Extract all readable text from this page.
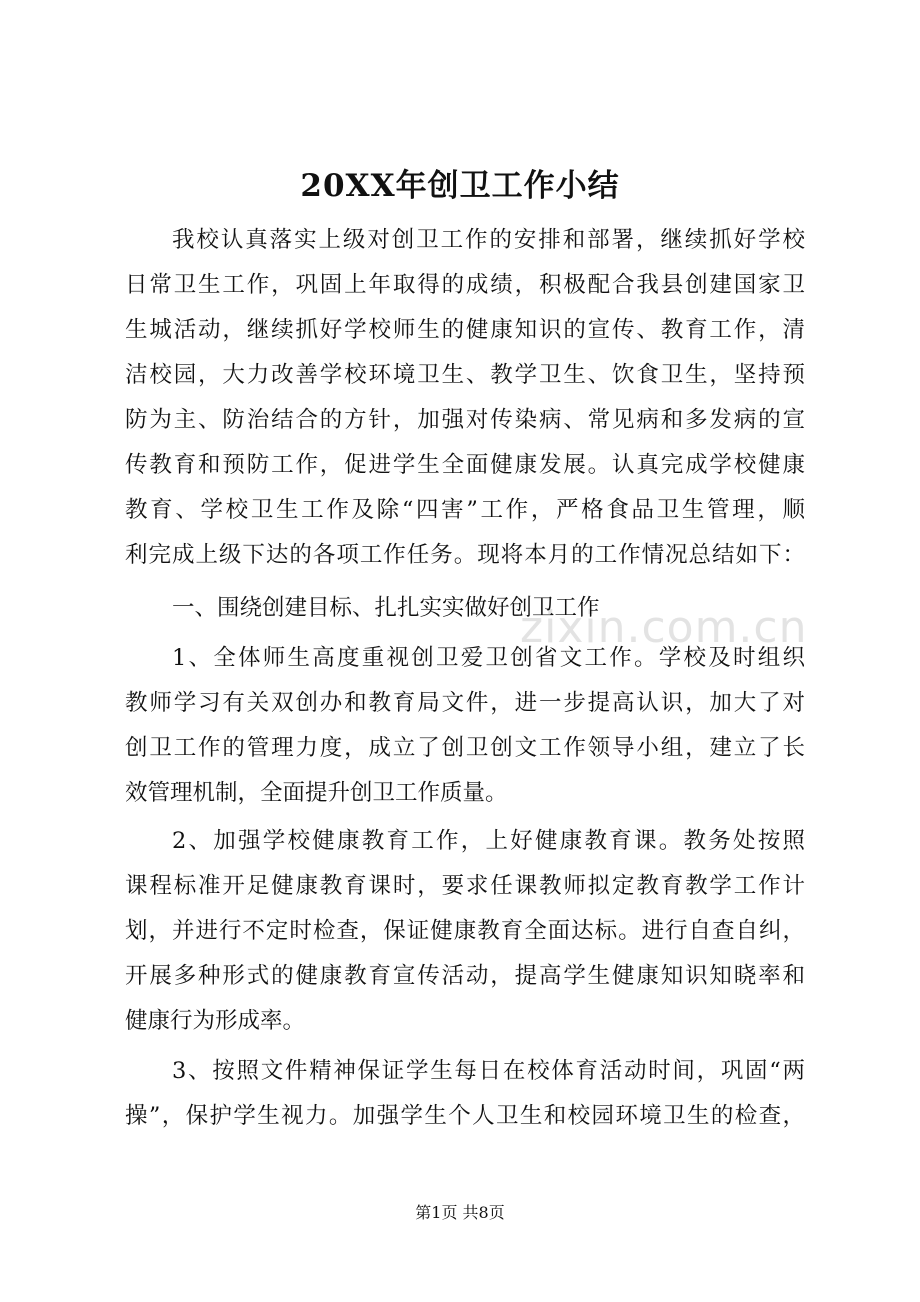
20XX年创卫工作小结
我校认真落实上级对创卫工作的安排和部署，继续抓好学校
日常卫生工作，巩固上年取得的成绩，积极配合我县创建国家卫
生城活动，继续抓好学校师生的健康知识的宣传、教育工作，清
洁校园，大力改善学校环境卫生、教学卫生、饮食卫生，坚持预
防为主、防治结合的方针，加强对传染病、常见病和多发病的宣
传教育和预防工作，促进学生全面健康发展。认真完成学校健康
教育、学校卫生工作及除“四害”工作，严格食品卫生管理，顺
利完成上级下达的各项工作任务。现将本月的工作情况总结如下：
一、围绕创建目标、扎扎实实做好创卫工作
1、全体师生高度重视创卫爱卫创省文工作。学校及时组织
教师学习有关双创办和教育局文件，进一步提高认识，加大了对
创卫工作的管理力度，成立了创卫创文工作领导小组，建立了长
效管理机制，全面提升创卫工作质量。
2、加强学校健康教育工作，上好健康教育课。教务处按照
课程标准开足健康教育课时，要求任课教师拟定教育教学工作计
划，并进行不定时检查，保证健康教育全面达标。进行自查自纠，
开展多种形式的健康教育宣传活动，提高学生健康知识知晓率和
健康行为形成率。
3、按照文件精神保证学生每日在校体育活动时间，巩固“两
操”，保护学生视力。加强学生个人卫生和校园环境卫生的检查，
zixin.com.cn
第1页 共8页
